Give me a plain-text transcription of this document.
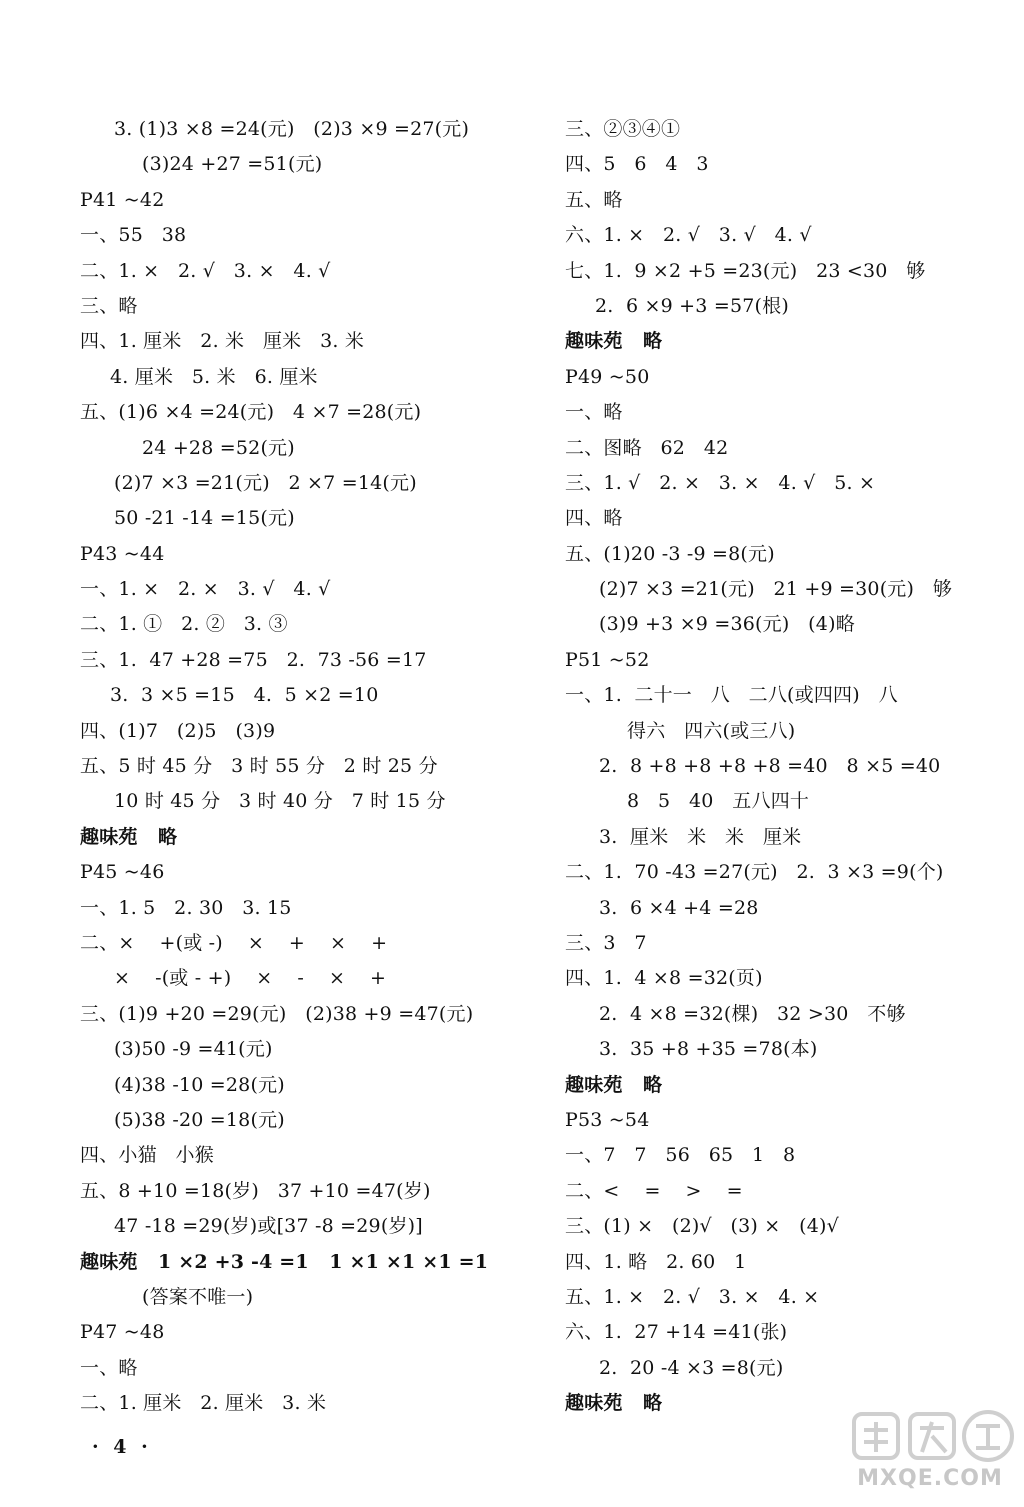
3. (1)3 ×8 =24(元)   (2)3 ×9 =27(元)
(3)24 +27 =51(元)
P41 ~42
一、55   38
二、1. ×   2. √   3. ×   4. √
三、略
四、1. 厘米   2. 米   厘米   3. 米
4. 厘米   5. 米   6. 厘米
五、(1)6 ×4 =24(元)   4 ×7 =28(元)
24 +28 =52(元)
(2)7 ×3 =21(元)   2 ×7 =14(元)
50 -21 -14 =15(元)
P43 ~44
一、1. ×   2. ×   3. √   4. √
二、1. ①   2. ②   3. ③
三、1.  47 +28 =75   2.  73 -56 =17
3.  3 ×5 =15   4.  5 ×2 =10
四、(1)7   (2)5   (3)9
五、5 时 45 分   3 时 55 分   2 时 25 分
10 时 45 分   3 时 40 分   7 时 15 分
趣味苑   略
P45 ~46
一、1. 5   2. 30   3. 15
二、×    +(或 -)    ×    +    ×    +
×    -(或 - +)    ×    -    ×    +
三、(1)9 +20 =29(元)   (2)38 +9 =47(元)
(3)50 -9 =41(元)
(4)38 -10 =28(元)
(5)38 -20 =18(元)
四、小猫   小猴
五、8 +10 =18(岁)   37 +10 =47(岁)
47 -18 =29(岁)或[37 -8 =29(岁)]
趣味苑   1 ×2 +3 -4 =1   1 ×1 ×1 ×1 =1
(答案不唯一)
P47 ~48
一、略
二、1. 厘米   2. 厘米   3. 米
三、②③④①
四、5   6   4   3
五、略
六、1. ×   2. √   3. √   4. √
七、1.  9 ×2 +5 =23(元)   23 <30   够
2.  6 ×9 +3 =57(根)
趣味苑   略
P49 ~50
一、略
二、图略   62   42
三、1. √   2. ×   3. ×   4. √   5. ×
四、略
五、(1)20 -3 -9 =8(元)
(2)7 ×3 =21(元)   21 +9 =30(元)   够
(3)9 +3 ×9 =36(元)   (4)略
P51 ~52
一、1.  二十一   八   二八(或四四)   八
得六   四六(或三八)
2.  8 +8 +8 +8 +8 =40   8 ×5 =40
8   5   40   五八四十
3.  厘米   米   米   厘米
二、1.  70 -43 =27(元)   2.  3 ×3 =9(个)
3.  6 ×4 +4 =28
三、3   7
四、1.  4 ×8 =32(页)
2.  4 ×8 =32(棵)   32 >30   不够
3.  35 +8 +35 =78(本)
趣味苑   略
P53 ~54
一、7   7   56   65   1   8
二、<    =    >    =
三、(1) ×   (2)√   (3) ×   (4)√
四、1. 略   2. 60   1
五、1. ×   2. √   3. ×   4. ×
六、1.  27 +14 =41(张)
2.  20 -4 ×3 =8(元)
趣味苑   略
· 4 ·
MXQE.COM
